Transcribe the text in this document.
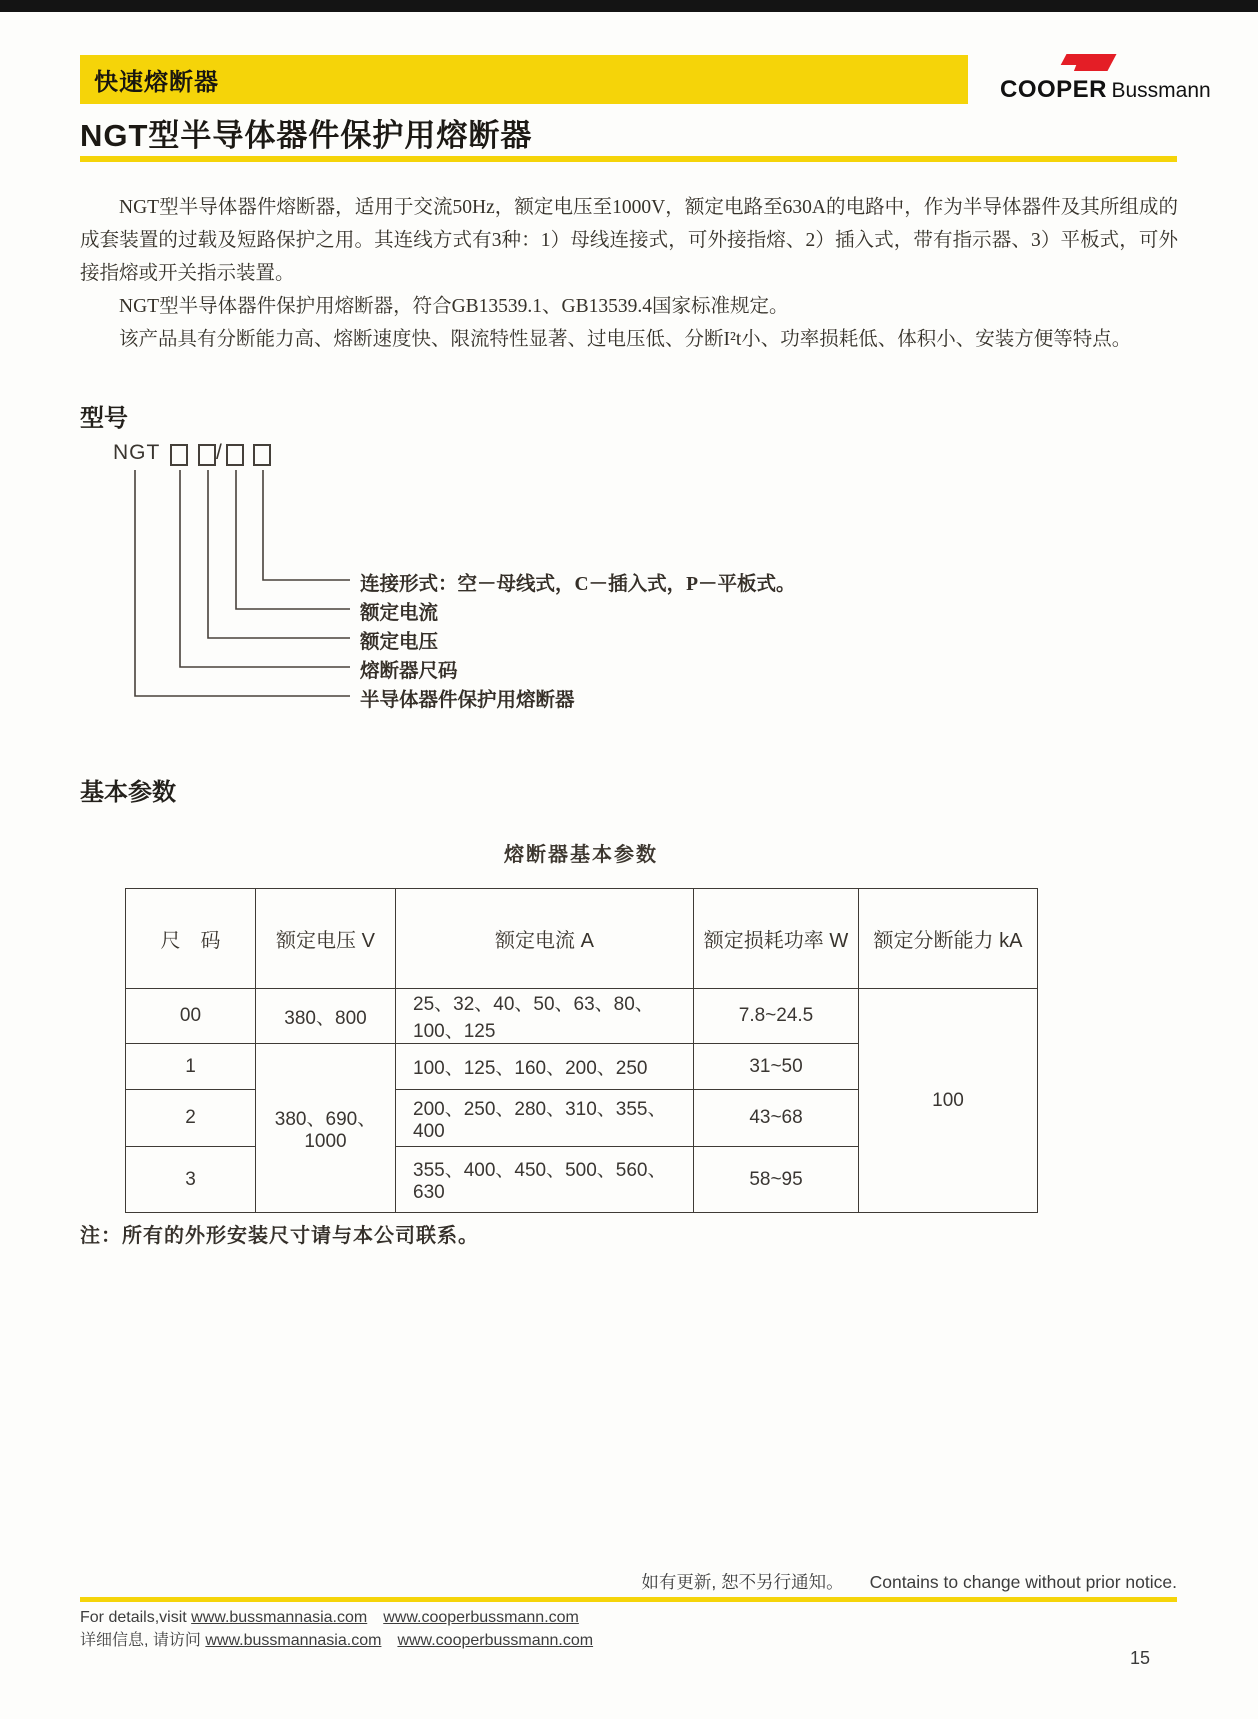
快速熔断器	COOPER Bussmann
NGT型半导体器件保护用熔断器

NGT型半导体器件熔断器，适用于交流50Hz，额定电压至1000V，额定电路至630A的电路中，作为半导体器件及其所组成的成套装置的过载及短路保护之用。其连线方式有3种：1）母线连接式，可外接指熔、2）插入式，带有指示器、3）平板式，可外接指熔或开关指示装置。

NGT型半导体器件保护用熔断器，符合GB13539.1、GB13539.4国家标准规定。

该产品具有分断能力高、熔断速度快、限流特性显著、过电压低、分断I²t小、功率损耗低、体积小、安装方便等特点。

型号
NGT	/
连接形式：空－母线式，C－插入式，P－平板式。
额定电流
额定电压
熔断器尺码
半导体器件保护用熔断器
基本参数
熔断器基本参数
尺　码	额定电压 V	额定电流 A	额定损耗功率 W	额定分断能力 kA
00	380、800	25、32、40、50、63、80、100、125	7.8~24.5	100
1	380、690、1000	100、125、160、200、250	31~50	
2		200、250、280、310、355、400	43~68	
3		355、400、450、500、560、630	58~95	
注：所有的外形安装尺寸请与本公司联系。
如有更新, 恕不另行通知。 Contains to change without prior notice.
For details,visit www.bussmannasia.com www.cooperbussmann.com
详细信息, 请访问 www.bussmannasia.com www.cooperbussmann.com
15
